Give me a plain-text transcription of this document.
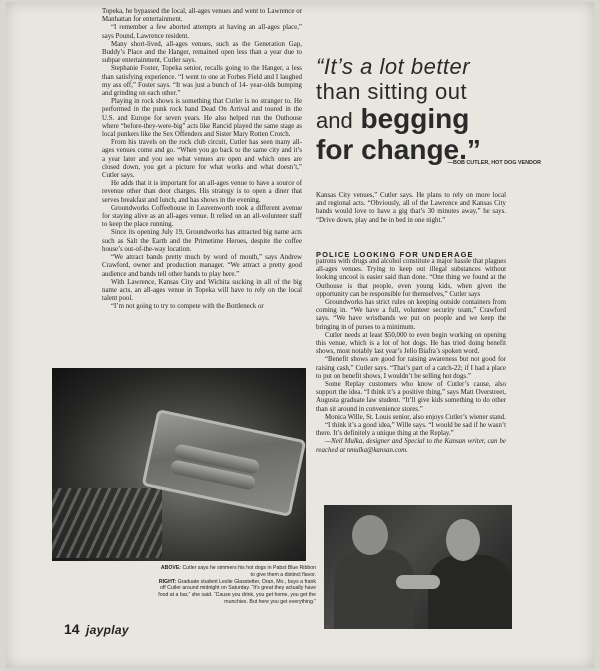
Topeka, he bypassed the local, all-ages venues and went to Lawrence or Manhattan for entertainment.

“I remember a few aborted attempts at having an all-ages place,” says Pound, Lawrence resident.

Many short-lived, all-ages venues, such as the Generation Gap, Buddy’s Place and the Hanger, remained open less than a year due to subpar entertainment, Cutler says.

Stephanie Foster, Topeka senior, recalls going to the Hanger, a less than satisfying experience. “I went to one at Forbes Field and I laughed my ass off,” Foster says. “It was just a bunch of 14- year-olds bumping and grinding on each other.”

Playing in rock shows is something that Cutler is no stranger to. He performed in the punk rock band Dead On Arrival and toured in the U.S. and Europe for seven years. He also helped run the Outhouse where “before-they-were-big” acts like Rancid played the same stage as local punkers like the Sex Offenders and Sister Mary Rotten Crotch.

From his travels on the rock club circuit, Cutler has seen many all-ages venues come and go. “When you go back to the same city and it’s a year later and you see what venues are open and which ones are closed down, you get a picture for what works and what doesn’t,” Cutler says.

He adds that it is important for an all-ages venue to have a source of revenue other than door charges. His strategy is to open a diner that serves breakfast and lunch, and has shows in the evening.

Groundworks Coffeehouse in Leavenworth took a different avenue for staying alive as an all-ages venue. It relied on an all-volunteer staff to keep the place running.

Since its opening July 19, Groundworks has attracted big name acts such as Salt the Earth and the Primetime Heroes, despite the coffee house’s out-of-the-way location.

“We attract bands pretty much by word of mouth,” says Andrew Crawford, owner and production manager. “We attract a pretty good audience and bands tell other bands to play here.”

With Lawrence, Kansas City and Wichita sucking in all of the big name acts, an all-ages venue in Topeka will have to rely on the local talent pool.

“I’m not going to try to compete with the Bottleneck or

“It’s a lot better
than sitting out
and begging
for change.”
—BOB CUTLER, HOT DOG VENDOR

Kansas City venues,” Cutler says. He plans to rely on more local and regional acts. “Obviously, all of the Lawrence and Kansas City bands would love to have a gig that’s 30 minutes away,” he says. “Drive down, play and be in bed in one night.”

POLICE LOOKING FOR UNDERAGE

patrons with drugs and alcohol constitute a major hassle that plagues all-ages venues. Trying to keep out illegal substances without looking uncool is easier said than done. “One thing we found at the Outhouse is that people, even young kids, when given the opportunity can be responsible for themselves,” Cutler says

Groundworks has strict rules on keeping outside containers from coming in. “We have a full, volunteer security team,” Crawford says. “We have wristbands we put on people and we keep the bringing in of purses to a minimum.

Cutler needs at least $50,000 to even begin working on opening this venue, which is a lot of hot dogs. He has tried doing benefit shows, most notably last year’s Jello Biafra’s spoken word.

“Benefit shows are good for raising awareness but not good for raising cash,” Cutler says. “That’s part of a catch-22; if I had a place to put on benefit shows, I wouldn’t be selling hot dogs.”

Some Replay customers who know of Cutler’s cause, also support the idea. “I think it’s a positive thing,” says Matt Overstreet, Augusta graduate law student. “It’ll give kids something to do other than sit around in convenience stores.”

Monica Wille, St. Louis senior, also enjoys Cutler’s wiener stand.

“I think it’s a good idea,” Wille says. “I would be sad if he wasn’t there. It’s definitely a unique thing at the Replay.”

—Neil Mulka, designer and Special to the Kansan writer, can be reached at nmulka@kansan.com.

ABOVE: Cutler says he simmers his hot dogs in Pabst Blue Ribbon to give them a distinct flavor.
RIGHT: Graduate student Leslie Glasstetter, Oran, Mo., buys a frank off Cutler around midnight on Saturday. “It’s great they actually have food at a bar,” she said. “Cause you drink, you get home, you get the munchies. But here you get everything.”
14 jayplay
